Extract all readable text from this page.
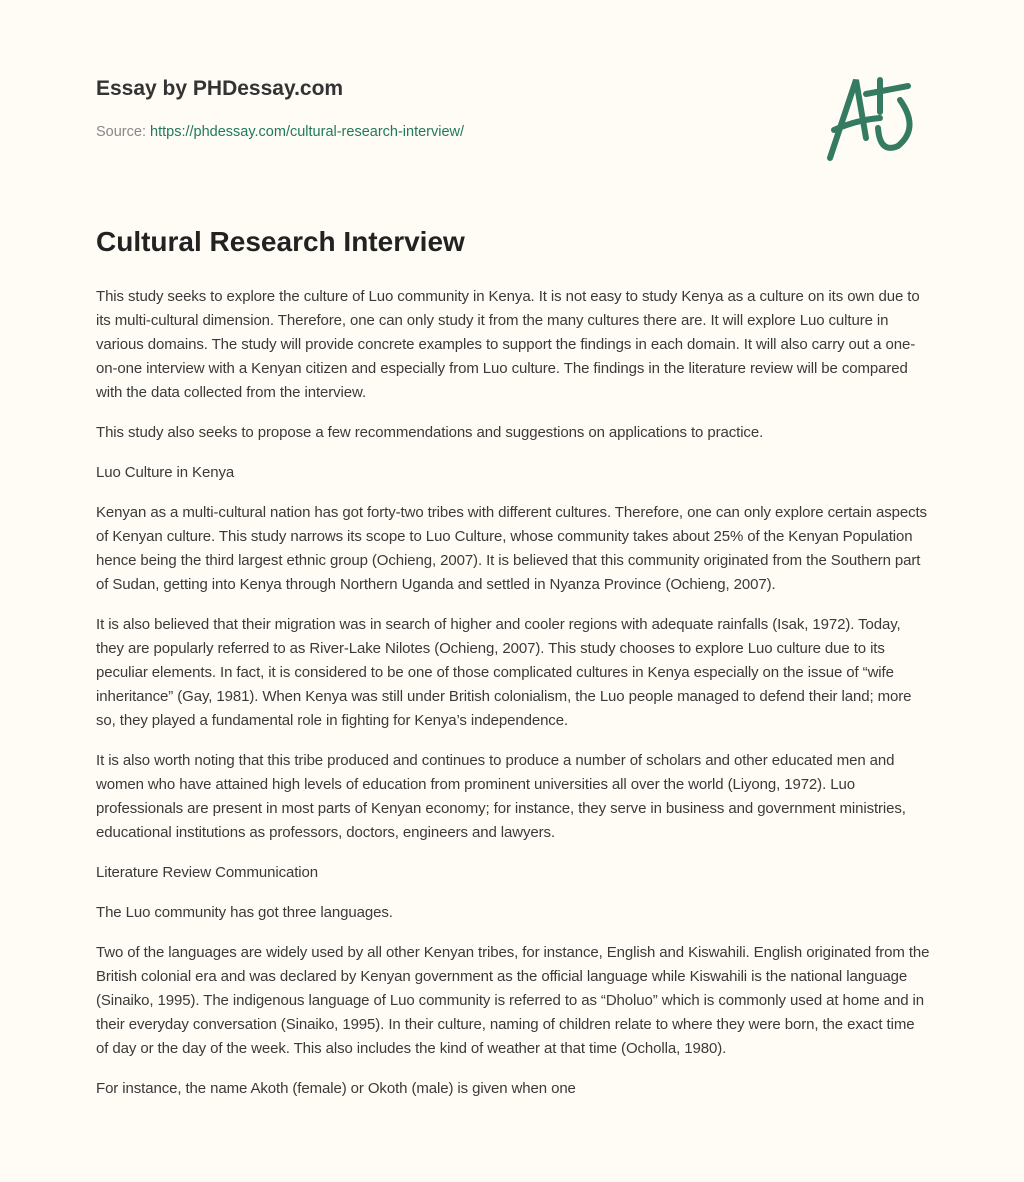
Essay by PHDessay.com
Source: https://phdessay.com/cultural-research-interview/
Cultural Research Interview

This study seeks to explore the culture of Luo community in Kenya. It is not easy to study Kenya as a culture on its own due to its multi-cultural dimension. Therefore, one can only study it from the many cultures there are. It will explore Luo culture in various domains. The study will provide concrete examples to support the findings in each domain. It will also carry out a one-on-one interview with a Kenyan citizen and especially from Luo culture. The findings in the literature review will be compared with the data collected from the interview.

This study also seeks to propose a few recommendations and suggestions on applications to practice.

Luo Culture in Kenya

Kenyan as a multi-cultural nation has got forty-two tribes with different cultures. Therefore, one can only explore certain aspects of Kenyan culture. This study narrows its scope to Luo Culture, whose community takes about 25% of the Kenyan Population hence being the third largest ethnic group (Ochieng, 2007). It is believed that this community originated from the Southern part of Sudan, getting into Kenya through Northern Uganda and settled in Nyanza Province (Ochieng, 2007).

It is also believed that their migration was in search of higher and cooler regions with adequate rainfalls (Isak, 1972). Today, they are popularly referred to as River-Lake Nilotes (Ochieng, 2007). This study chooses to explore Luo culture due to its peculiar elements. In fact, it is considered to be one of those complicated cultures in Kenya especially on the issue of “wife inheritance” (Gay, 1981). When Kenya was still under British colonialism, the Luo people managed to defend their land; more so, they played a fundamental role in fighting for Kenya’s independence.

It is also worth noting that this tribe produced and continues to produce a number of scholars and other educated men and women who have attained high levels of education from prominent universities all over the world (Liyong, 1972). Luo professionals are present in most parts of Kenyan economy; for instance, they serve in business and government ministries, educational institutions as professors, doctors, engineers and lawyers.

Literature Review Communication

The Luo community has got three languages.

Two of the languages are widely used by all other Kenyan tribes, for instance, English and Kiswahili. English originated from the British colonial era and was declared by Kenyan government as the official language while Kiswahili is the national language (Sinaiko, 1995). The indigenous language of Luo community is referred to as “Dholuo” which is commonly used at home and in their everyday conversation (Sinaiko, 1995). In their culture, naming of children relate to where they were born, the exact time of day or the day of the week. This also includes the kind of weather at that time (Ocholla, 1980).

For instance, the name Akoth (female) or Okoth (male) is given when one
